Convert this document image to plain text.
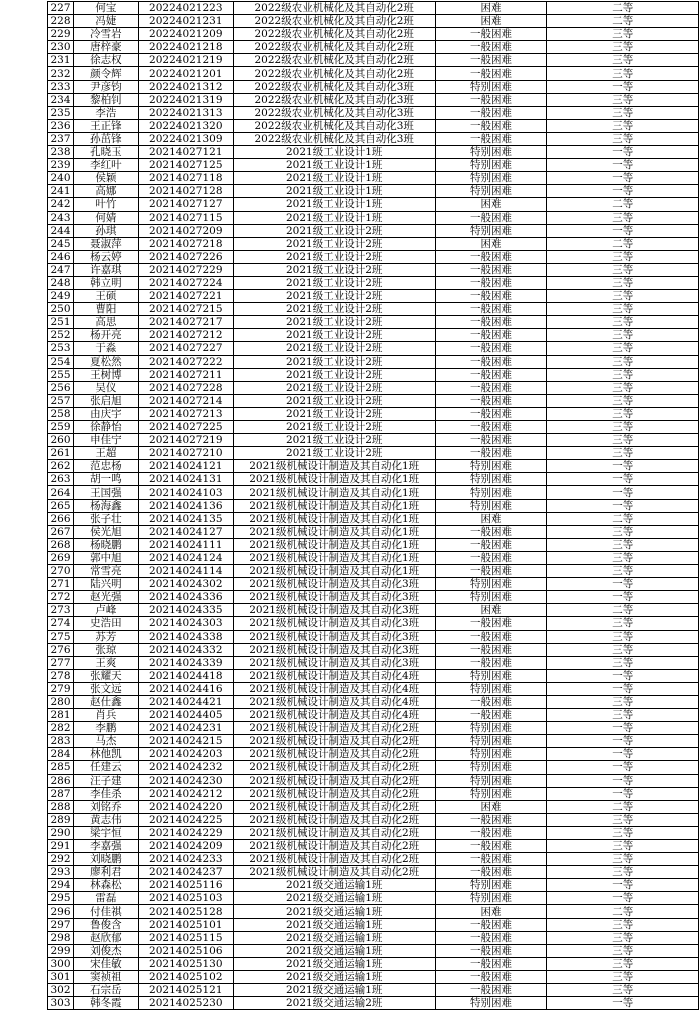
227	何宝	20224021223	2022级农业机械化及其自动化2班	困难	二等
228	冯婕	20224021231	2022级农业机械化及其自动化2班	困难	二等
229	冷雪岩	20224021209	2022级农业机械化及其自动化2班	一般困难	三等
230	唐梓豪	20224021218	2022级农业机械化及其自动化2班	一般困难	三等
231	徐志权	20224021219	2022级农业机械化及其自动化2班	一般困难	三等
232	颜令辉	20224021201	2022级农业机械化及其自动化2班	一般困难	三等
233	尹彦钧	20224021312	2022级农业机械化及其自动化3班	特别困难	一等
234	黎柏钊	20224021319	2022级农业机械化及其自动化3班	一般困难	三等
235	李浩	20224021313	2022级农业机械化及其自动化3班	一般困难	三等
236	王正锋	20224021320	2022级农业机械化及其自动化3班	一般困难	三等
237	孙茁锋	20224021309	2022级农业机械化及其自动化3班	一般困难	三等
238	孔晓玉	20214027121	2021级工业设计1班	特别困难	一等
239	李红叶	20214027125	2021级工业设计1班	特别困难	一等
240	侯颖	20214027118	2021级工业设计1班	特别困难	一等
241	高娜	20214027128	2021级工业设计1班	特别困难	一等
242	叶竹	20214027127	2021级工业设计1班	困难	二等
243	何婧	20214027115	2021级工业设计1班	一般困难	三等
244	孙琪	20214027209	2021级工业设计2班	特别困难	一等
245	聂淑萍	20214027218	2021级工业设计2班	困难	二等
246	杨云婷	20214027226	2021级工业设计2班	一般困难	三等
247	许嘉琪	20214027229	2021级工业设计2班	一般困难	三等
248	韩立明	20214027224	2021级工业设计2班	一般困难	三等
249	王硕	20214027221	2021级工业设计2班	一般困难	三等
250	曹阳	20214027215	2021级工业设计2班	一般困难	三等
251	高思	20214027217	2021级工业设计2班	一般困难	三等
252	杨开亮	20214027212	2021级工业设计2班	一般困难	三等
253	于淼	20214027227	2021级工业设计2班	一般困难	三等
254	夏松然	20214027222	2021级工业设计2班	一般困难	三等
255	王树博	20214027211	2021级工业设计2班	一般困难	三等
256	吴仪	20214027228	2021级工业设计2班	一般困难	三等
257	张启旭	20214027214	2021级工业设计2班	一般困难	三等
258	由庆宇	20214027213	2021级工业设计2班	一般困难	三等
259	徐静怡	20214027225	2021级工业设计2班	一般困难	三等
260	申佳宁	20214027219	2021级工业设计2班	一般困难	三等
261	王超	20214027210	2021级工业设计2班	一般困难	三等
262	范忠杨	20214024121	2021级机械设计制造及其自动化1班	特别困难	一等
263	胡一鸣	20214024131	2021级机械设计制造及其自动化1班	特别困难	一等
264	王国强	20214024103	2021级机械设计制造及其自动化1班	特别困难	一等
265	杨海鑫	20214024136	2021级机械设计制造及其自动化1班	特别困难	一等
266	张子壮	20214024135	2021级机械设计制造及其自动化1班	困难	二等
267	侯光旭	20214024127	2021级机械设计制造及其自动化1班	一般困难	三等
268	杨晓鹏	20214024111	2021级机械设计制造及其自动化1班	一般困难	三等
269	郭中旭	20214024124	2021级机械设计制造及其自动化1班	一般困难	三等
270	常雪亮	20214024114	2021级机械设计制造及其自动化1班	一般困难	三等
271	陆兴明	20214024302	2021级机械设计制造及其自动化3班	特别困难	一等
272	赵光强	20214024336	2021级机械设计制造及其自动化3班	特别困难	一等
273	卢峰	20214024335	2021级机械设计制造及其自动化3班	困难	二等
274	史浩田	20214024303	2021级机械设计制造及其自动化3班	一般困难	三等
275	苏芳	20214024338	2021级机械设计制造及其自动化3班	一般困难	三等
276	张琼	20214024332	2021级机械设计制造及其自动化3班	一般困难	三等
277	王爽	20214024339	2021级机械设计制造及其自动化3班	一般困难	三等
278	张耀天	20214024418	2021级机械设计制造及其自动化4班	特别困难	一等
279	张文远	20214024416	2021级机械设计制造及其自动化4班	特别困难	一等
280	赵仕鑫	20214024421	2021级机械设计制造及其自动化4班	一般困难	三等
281	肖兵	20214024405	2021级机械设计制造及其自动化4班	一般困难	三等
282	李鹏	20214024231	2021级机械设计制造及其自动化2班	特别困难	一等
283	马杰	20214024215	2021级机械设计制造及其自动化2班	特别困难	一等
284	林他凯	20214024203	2021级机械设计制造及其自动化2班	特别困难	一等
285	任建云	20214024232	2021级机械设计制造及其自动化2班	特别困难	一等
286	汪子建	20214024230	2021级机械设计制造及其自动化2班	特别困难	一等
287	李佳杀	20214024212	2021级机械设计制造及其自动化2班	特别困难	一等
288	刘铭乔	20214024220	2021级机械设计制造及其自动化2班	困难	二等
289	黄志伟	20214024225	2021级机械设计制造及其自动化2班	一般困难	三等
290	梁宇恒	20214024229	2021级机械设计制造及其自动化2班	一般困难	三等
291	李嘉强	20214024209	2021级机械设计制造及其自动化2班	一般困难	三等
292	刘晓鹏	20214024233	2021级机械设计制造及其自动化2班	一般困难	三等
293	廖利君	20214024237	2021级机械设计制造及其自动化2班	一般困难	三等
294	林森松	20214025116	2021级交通运输1班	特别困难	一等
295	雷磊	20214025103	2021级交通运输1班	特别困难	一等
296	付佳祺	20214025128	2021级交通运输1班	困难	二等
297	鲁俊含	20214025101	2021级交通运输1班	一般困难	三等
298	赵欣郁	20214025115	2021级交通运输1班	一般困难	三等
299	刘俊杰	20214025106	2021级交通运输1班	一般困难	三等
300	宋佳敏	20214025130	2021级交通运输1班	一般困难	三等
301	窦祯祖	20214025102	2021级交通运输1班	一般困难	三等
302	石宗岳	20214025121	2021级交通运输1班	一般困难	三等
303	韩冬霞	20214025230	2021级交通运输2班	特别困难	一等
